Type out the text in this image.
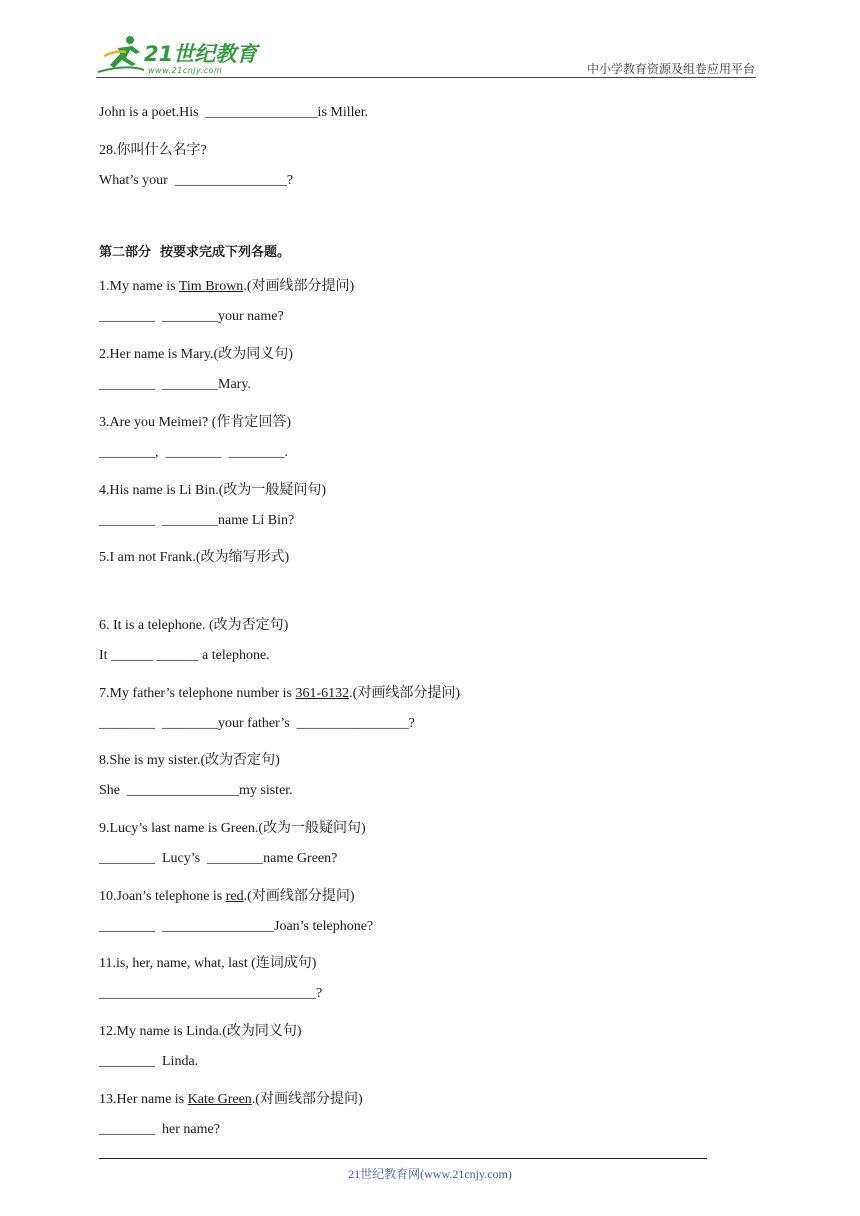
21世纪教育
www.21cnjy.com	中小学教育资源及组卷应用平台
John is a poet.His  ________________is Miller.
28.你叫什么名字?
What’s your  ________________?
第二部分  按要求完成下列各题。
1.My name is Tim Brown.(对画线部分提问)
________  ________your name?
2.Her name is Mary.(改为同义句)
________  ________Mary.
3.Are you Meimei? (作肯定回答)
________,  ________  ________.
4.His name is Li Bin.(改为一般疑问句)
________  ________name Li Bin?
5.I am not Frank.(改为缩写形式)
6. It is a telephone. (改为否定句)
It ______ ______ a telephone.
7.My father’s telephone number is 361-6132.(对画线部分提问)
________  ________your father’s  ________________?
8.She is my sister.(改为否定句)
She  ________________my sister.
9.Lucy’s last name is Green.(改为一般疑问句)
________  Lucy’s  ________name Green?
10.Joan’s telephone is red.(对画线部分提问)
________  ________________Joan’s telephone?
11.is, her, name, what, last (连词成句)
_______________________________?
12.My name is Linda.(改为同义句)
________  Linda.
13.Her name is Kate Green.(对画线部分提问)
________  her name?
21世纪教育网(www.21cnjy.com)
